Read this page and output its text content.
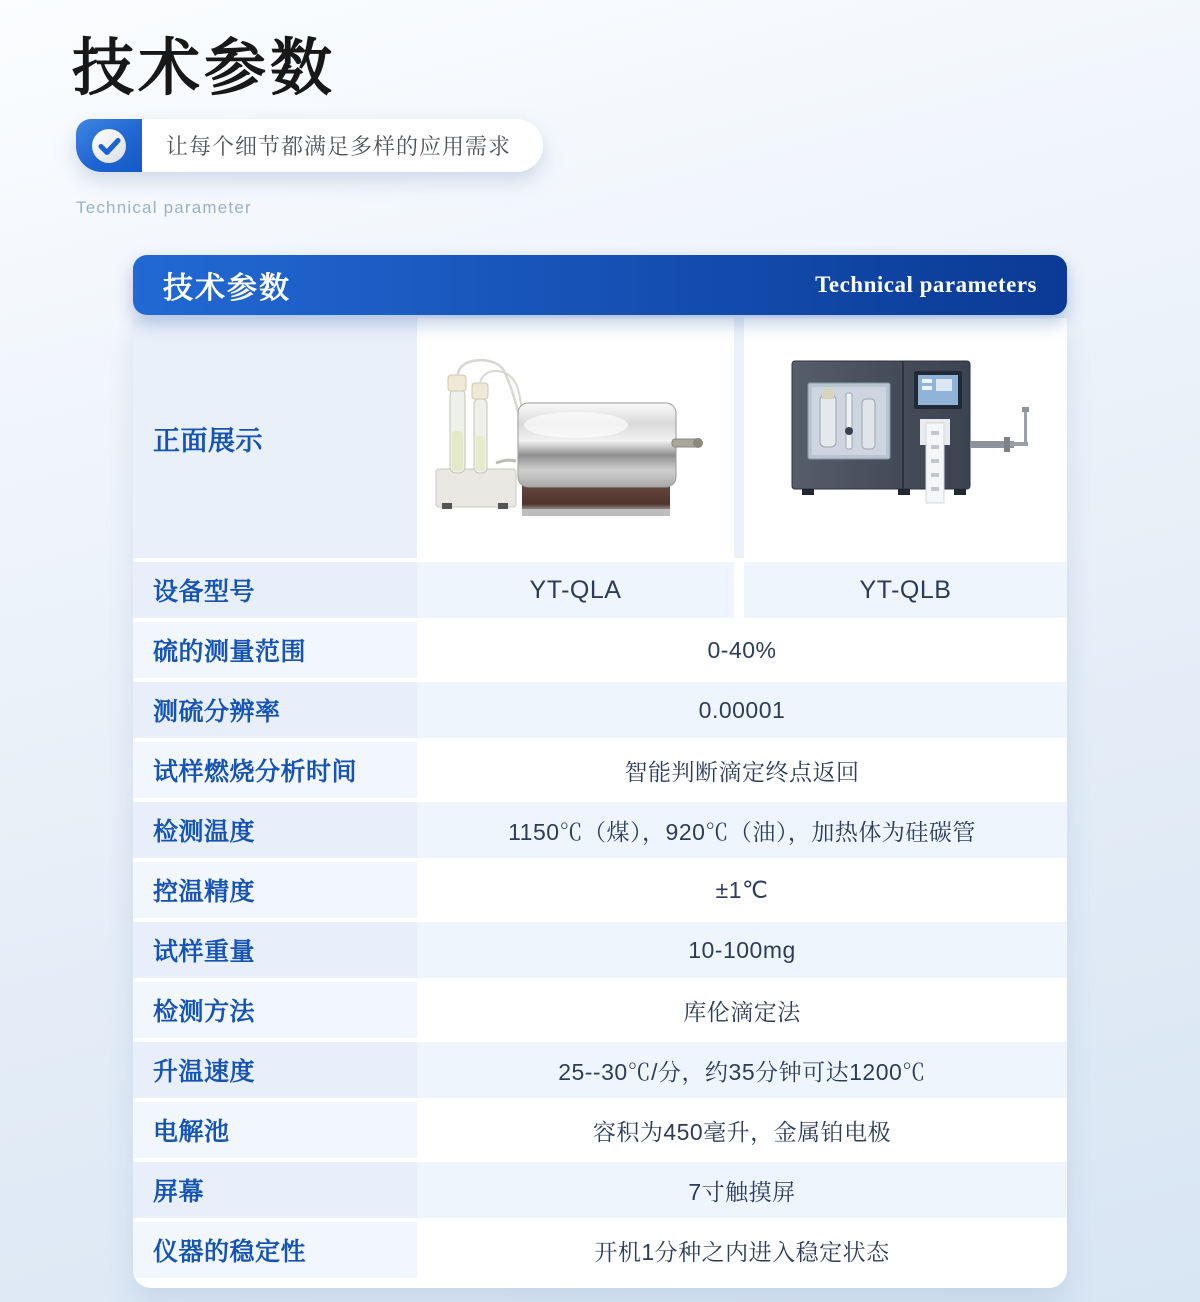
技术参数
让每个细节都满足多样的应用需求
Technical parameter
技术参数	Technical parameters
正面展示
设备型号	YT-QLA	YT-QLB
硫的测量范围	0-40%
测硫分辨率	0.00001
试样燃烧分析时间	智能判断滴定终点返回
检测温度	1150℃（煤），920℃（油），加热体为硅碳管
控温精度	±1℃
试样重量	10-100mg
检测方法	库伦滴定法
升温速度	25--30℃/分，约35分钟可达1200℃
电解池	容积为450毫升，金属铂电极
屏幕	7寸触摸屏
仪器的稳定性	开机1分种之内进入稳定状态
